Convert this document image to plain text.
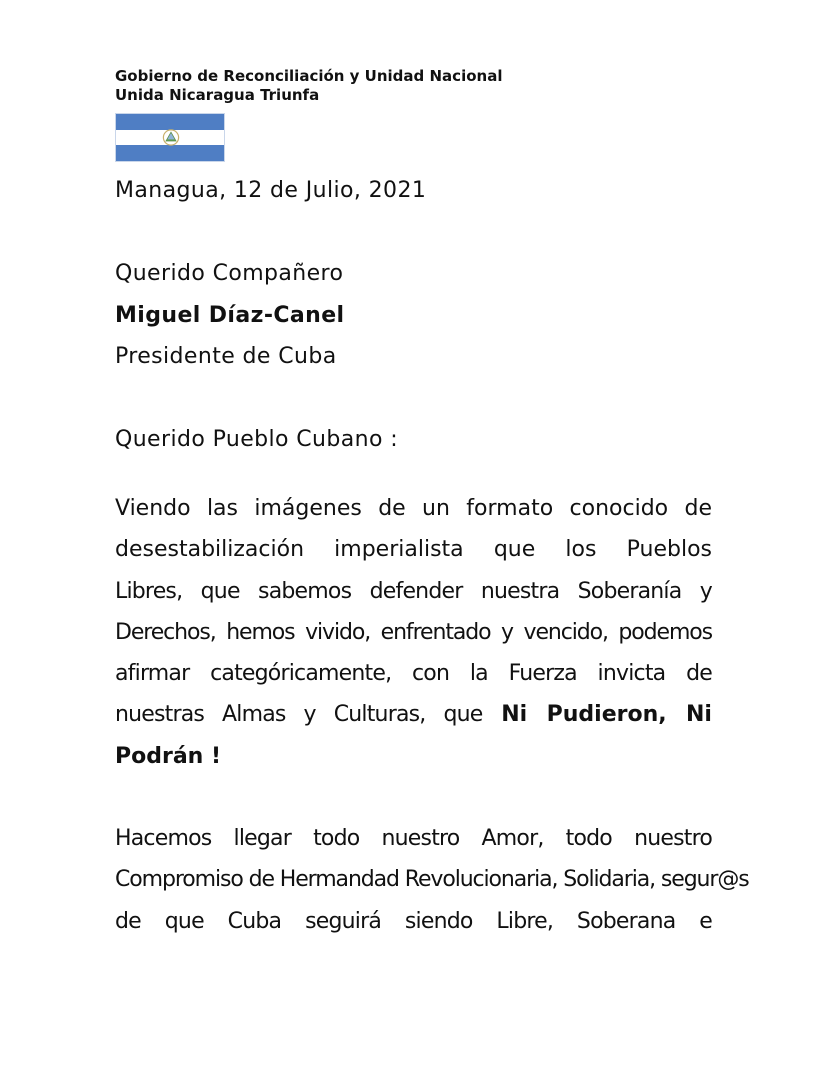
Gobierno de Reconciliación y Unidad Nacional
Unida Nicaragua Triunfa
Managua, 12 de Julio, 2021
Querido Compañero
Miguel Díaz-Canel
Presidente de Cuba
Querido Pueblo Cubano :
Viendo las imágenes de un formato conocido de
desestabilización imperialista que los Pueblos
Libres, que sabemos defender nuestra Soberanía y
Derechos, hemos vivido, enfrentado y vencido, podemos
afirmar categóricamente, con la Fuerza invicta de
nuestras Almas y Culturas, que Ni Pudieron, Ni
Podrán !
Hacemos llegar todo nuestro Amor, todo nuestro
Compromiso de Hermandad Revolucionaria, Solidaria, segur@s
de que Cuba seguirá siendo Libre, Soberana e
